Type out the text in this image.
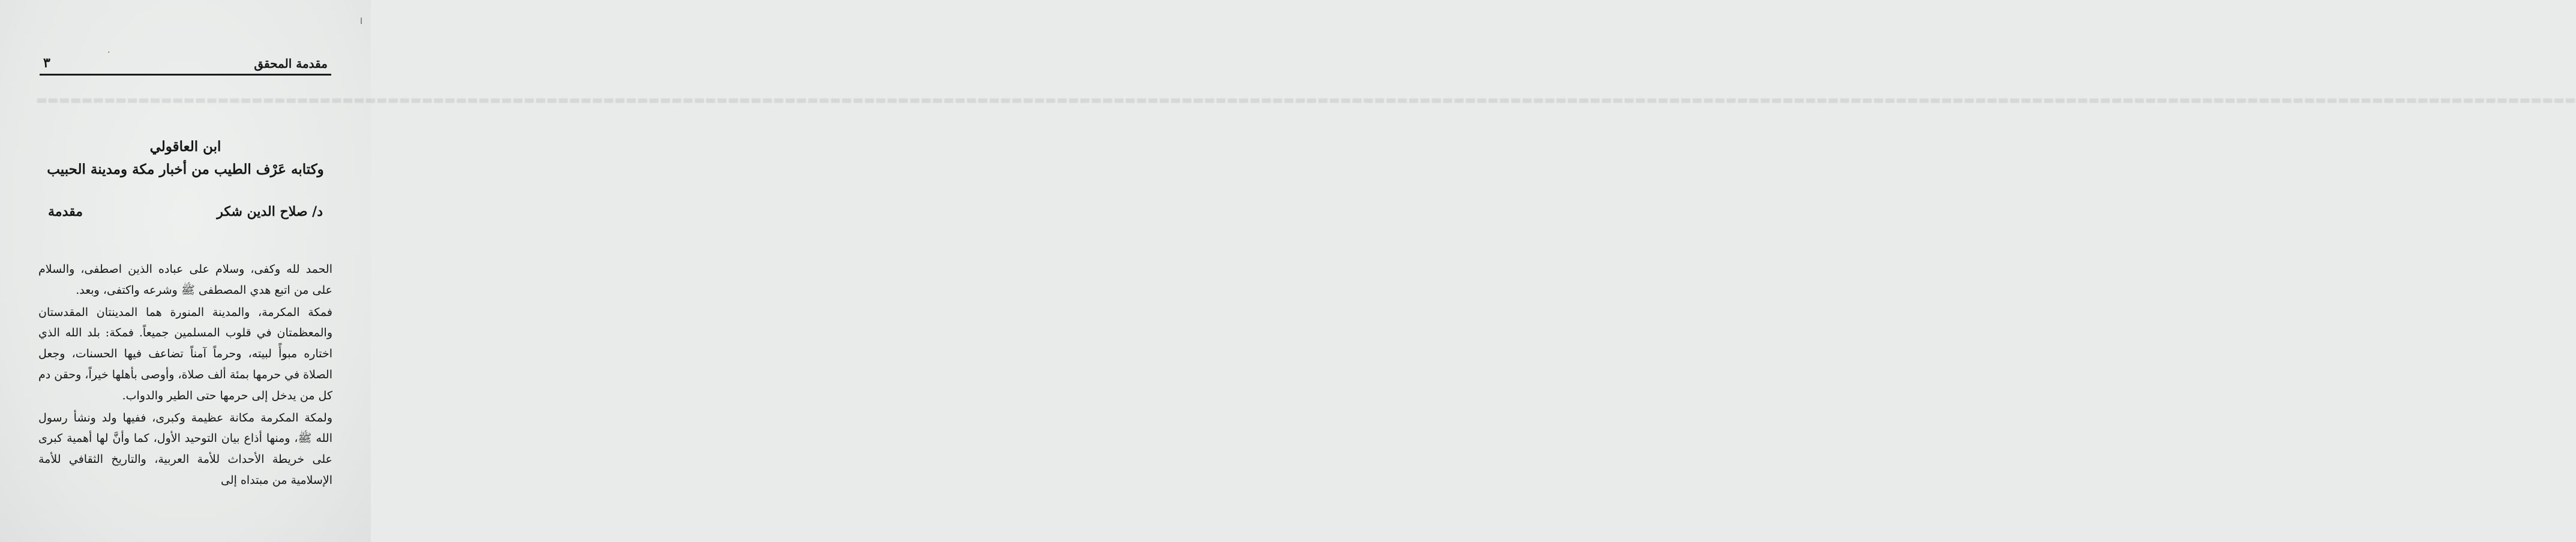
▬▬▬▬▬▬▬▬▬▬▬▬▬▬▬▬▬▬▬▬▬▬▬▬▬▬▬▬▬▬▬▬▬▬▬▬▬▬▬▬▬▬▬▬▬▬▬▬▬▬▬▬▬▬▬▬▬▬▬▬▬▬▬▬▬▬▬▬▬▬▬▬▬▬▬▬▬▬▬▬▬▬▬▬▬▬▬▬▬▬▬▬▬▬▬▬▬▬▬▬▬▬▬▬▬▬▬▬▬▬▬▬▬▬▬▬▬▬▬▬▬▬▬▬▬▬▬▬▬▬▬▬▬▬▬▬▬▬▬▬▬▬▬▬▬▬▬▬▬▬▬▬▬▬▬▬▬▬▬▬▬▬▬▬▬▬▬▬▬▬▬▬▬▬▬▬▬▬▬▬▬▬▬▬▬▬▬▬▬▬▬▬▬▬▬▬▬▬▬▬▬▬▬▬▬▬▬▬▬▬▬▬▬▬▬▬▬▬▬▬▬▬▬▬
ا
مقدمة المحقق
′
٣
ابن العاقولي
وكتابه عَرْف الطيب من أخبار مكة ومدينة الحبيب
د/ صلاح الدين شكر
مقدمة

الحمد لله وكفى، وسلام على عباده الذين اصطفى، والسلام على من اتبع هدي المصطفى ﷺ وشرعه واكتفى، وبعد.

فمكة المكرمة، والمدينة المنورة هما المدينتان المقدستان والمعظمتان في قلوب المسلمين جميعاً. فمكة: بلد الله الذي اختاره مبوأً لبيته، وحرماً آمناً تضاعف فيها الحسنات، وجعل الصلاة في حرمها بمئة ألف صلاة، وأوصى بأهلها خيراً، وحقن دم كل من يدخل إلى حرمها حتى الطير والدواب.

ولمكة المكرمة مكانة عظيمة وكبرى، ففيها ولد ونشأ رسول الله ﷺ، ومنها أذاع بيان التوحيد الأول، كما وأنَّ لها أهمية كبرى على خريطة الأحداث للأمة العربية، والتاريخ الثقافي للأمة الإسلامية من مبتداه إلى
